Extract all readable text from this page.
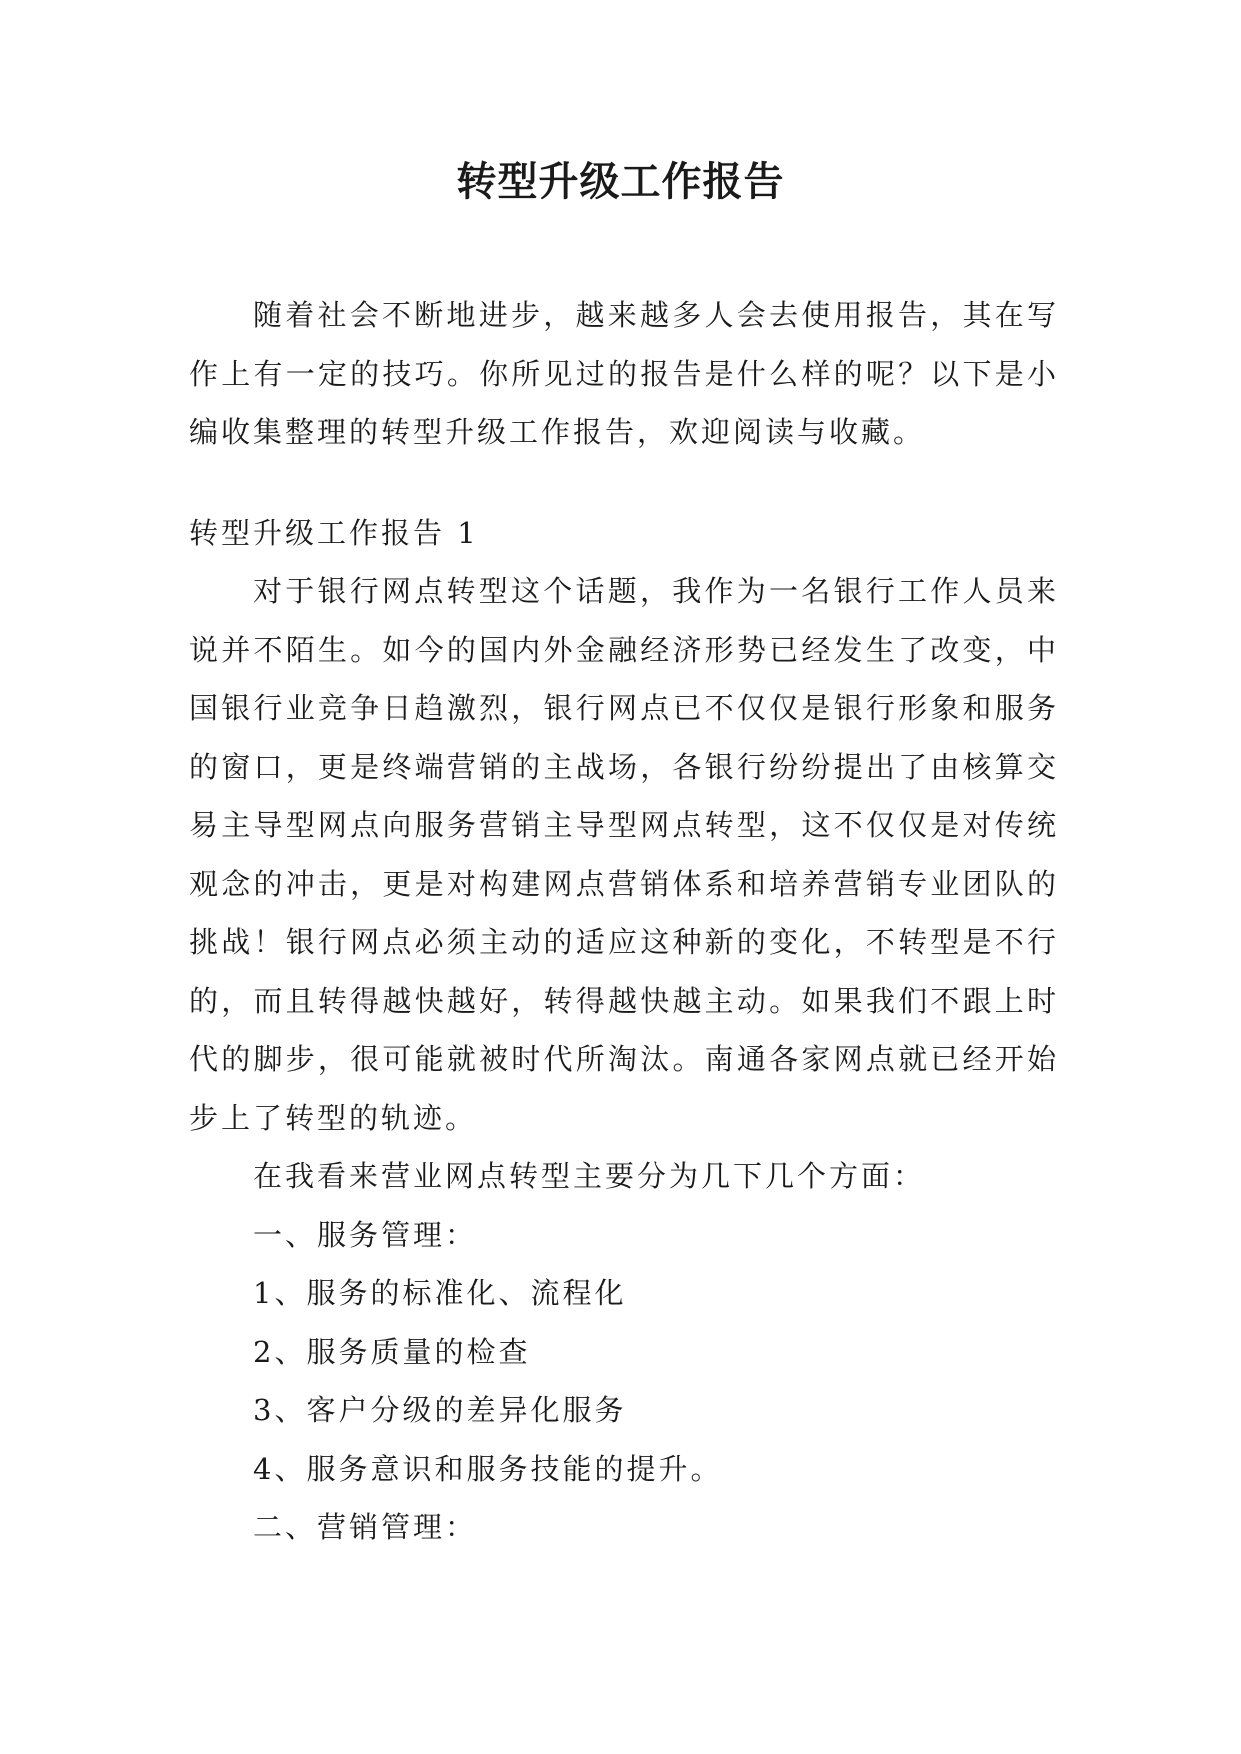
转型升级工作报告

随着社会不断地进步，越来越多人会去使用报告，其在写作上有一定的技巧。你所见过的报告是什么样的呢？以下是小编收集整理的转型升级工作报告，欢迎阅读与收藏。

转型升级工作报告 1

对于银行网点转型这个话题，我作为一名银行工作人员来说并不陌生。如今的国内外金融经济形势已经发生了改变，中国银行业竞争日趋激烈，银行网点已不仅仅是银行形象和服务的窗口，更是终端营销的主战场，各银行纷纷提出了由核算交易主导型网点向服务营销主导型网点转型，这不仅仅是对传统观念的冲击，更是对构建网点营销体系和培养营销专业团队的挑战！银行网点必须主动的适应这种新的变化，不转型是不行的，而且转得越快越好，转得越快越主动。如果我们不跟上时代的脚步，很可能就被时代所淘汰。南通各家网点就已经开始步上了转型的轨迹。

在我看来营业网点转型主要分为几下几个方面：

一、服务管理：

1、服务的标准化、流程化

2、服务质量的检查

3、客户分级的差异化服务

4、服务意识和服务技能的提升。

二、营销管理：
